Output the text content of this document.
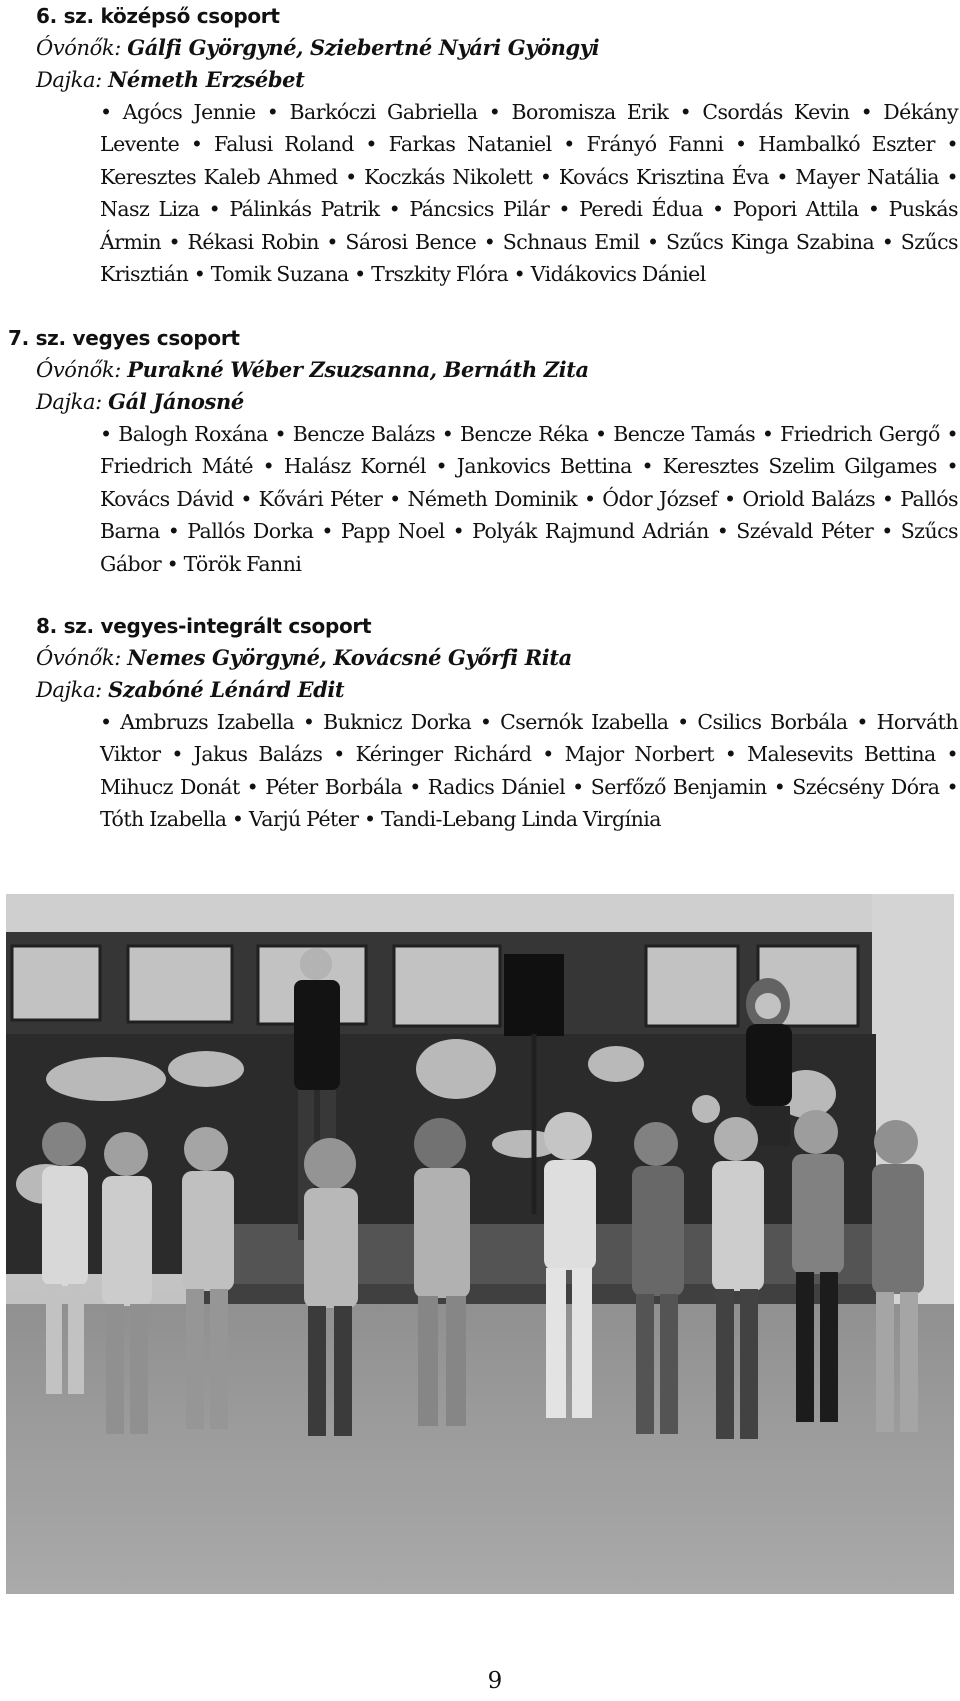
6. sz. középső csoport
Óvónők: Gálfi Györgyné, Sziebertné Nyári Gyöngyi
Dajka: Németh Erzsébet
• Agócs Jennie • Barkóczi Gabriella • Boromisza Erik • Csordás Kevin • Dékány Levente • Falusi Roland • Farkas Nataniel • Frányó Fanni • Hambalkó Eszter • Keresztes Kaleb Ahmed • Koczkás Nikolett • Kovács Krisztina Éva • Mayer Natália • Nasz Liza • Pálinkás Patrik • Páncsics Pilár • Peredi Édua • Popori Attila • Puskás Ármin • Rékasi Robin • Sárosi Bence • Schnaus Emil • Szűcs Kinga Szabina • Szűcs Krisztián • Tomik Suzana • Trszkity Flóra • Vidákovics Dániel
7. sz. vegyes csoport
Óvónők: Purakné Wéber Zsuzsanna, Bernáth Zita
Dajka: Gál Jánosné
• Balogh Roxána • Bencze Balázs • Bencze Réka • Bencze Tamás • Friedrich Gergő • Friedrich Máté • Halász Kornél • Jankovics Bettina • Keresztes Szelim Gilgames • Kovács Dávid • Kővári Péter • Németh Dominik • Ódor József • Oriold Balázs • Pallós Barna • Pallós Dorka • Papp Noel • Polyák Rajmund Adrián • Szévald Péter • Szűcs Gábor • Török Fanni
8. sz. vegyes-integrált csoport
Óvónők: Nemes Györgyné, Kovácsné Győrfi Rita
Dajka: Szabóné Lénárd Edit
• Ambruzs Izabella • Buknicz Dorka • Csernók Izabella • Csilics Borbála • Horváth Viktor • Jakus Balázs • Kéringer Richárd • Major Norbert • Malesevits Bettina • Mihucz Donát • Péter Borbála • Radics Dániel • Serfőző Benjamin • Szécsény Dóra • Tóth Izabella • Varjú Péter • Tandi-Lebang Linda Virgínia
9
